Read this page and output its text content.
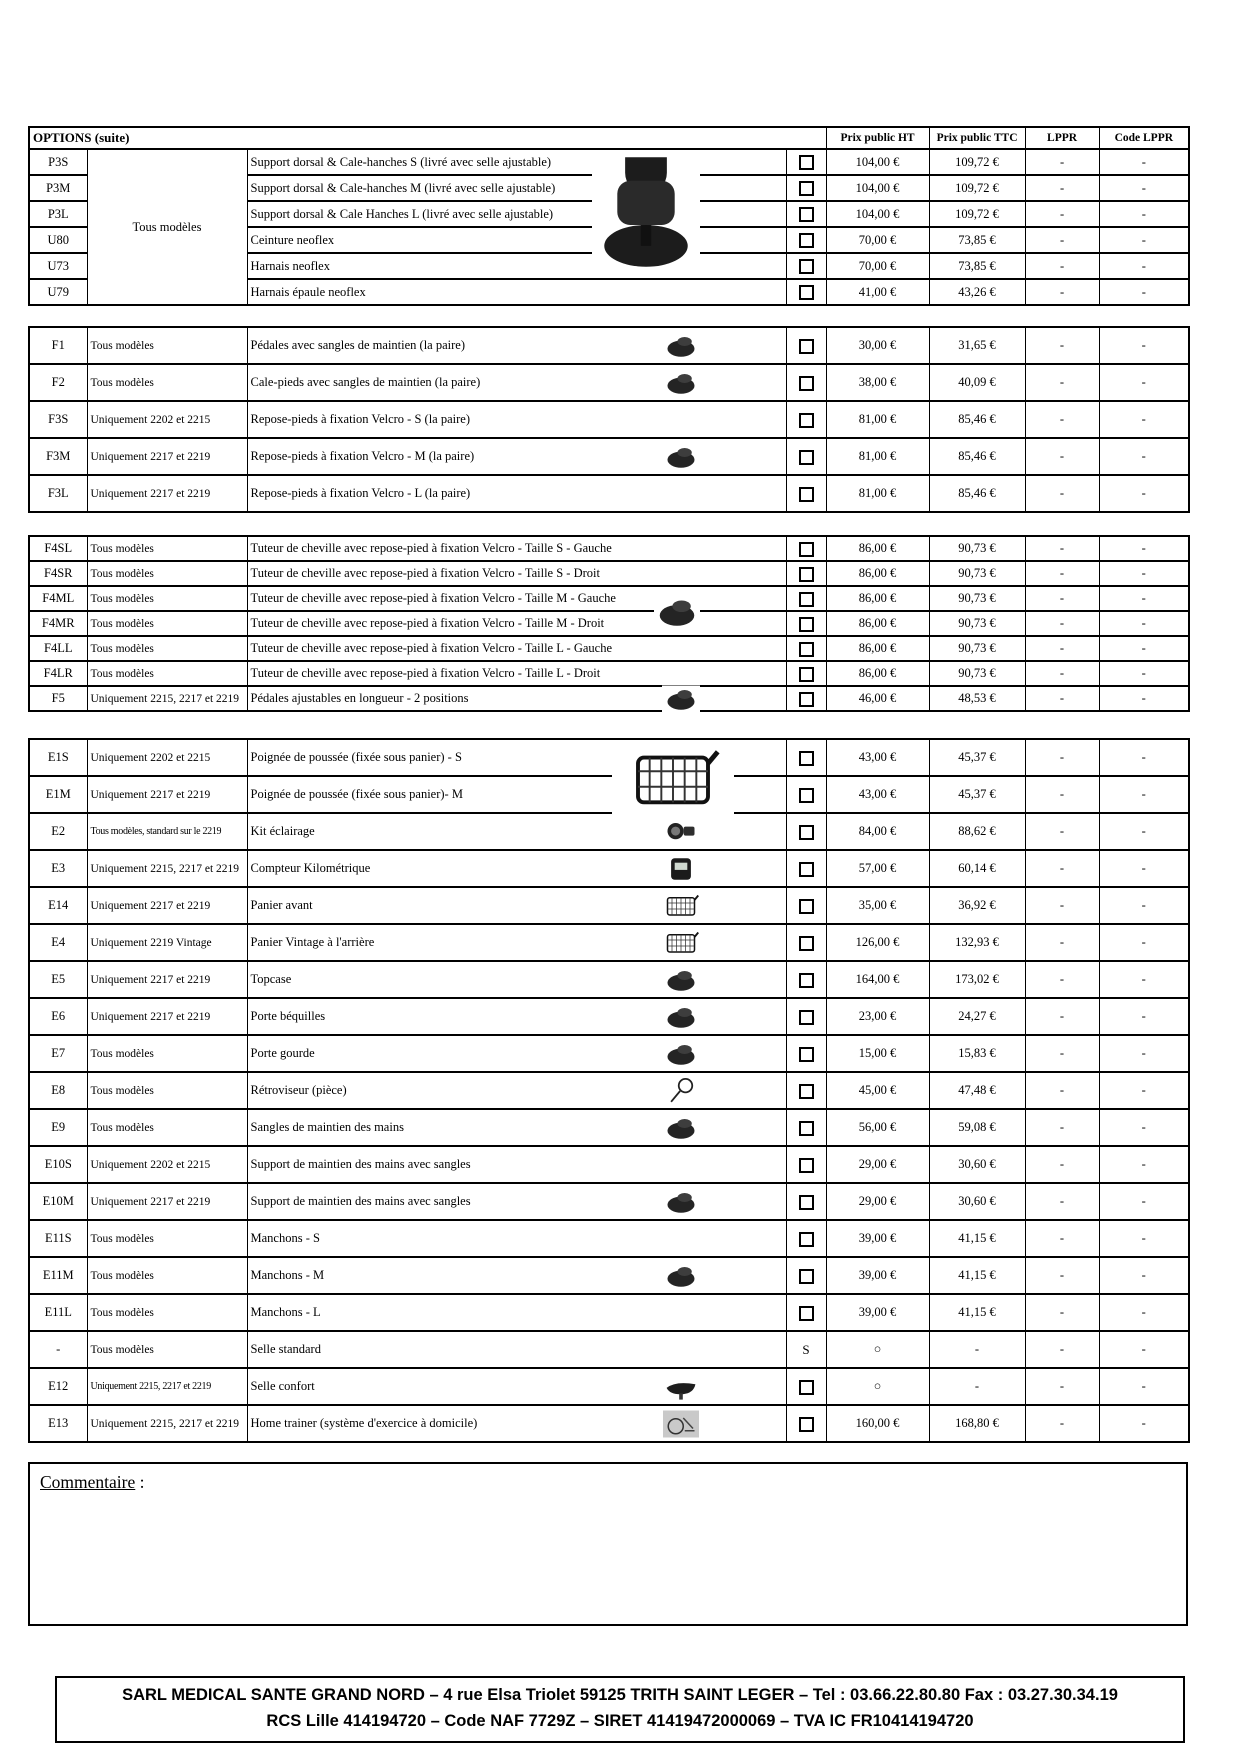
OPTIONS (suite)				Prix public HT	Prix public TTC	LPPR	Code LPPR
P3S	Tous modèles	Support dorsal & Cale-hanches S (livré avec selle ajustable)		104,00 €	109,72 €	-	-
P3M		Support dorsal & Cale-hanches M (livré avec selle ajustable)		104,00 €	109,72 €	-	-
P3L		Support dorsal & Cale Hanches L (livré avec selle ajustable)		104,00 €	109,72 €	-	-
U80		Ceinture neoflex		70,00 €	73,85 €	-	-
U73		Harnais neoflex		70,00 €	73,85 €	-	-
U79		Harnais épaule neoflex		41,00 €	43,26 €	-	-
F1	Tous modèles	Pédales avec sangles de maintien (la paire)		30,00 €	31,65 €	-	-
F2	Tous modèles	Cale-pieds avec sangles de maintien (la paire)		38,00 €	40,09 €	-	-
F3S	Uniquement 2202 et 2215	Repose-pieds à fixation Velcro - S (la paire)		81,00 €	85,46 €	-	-
F3M	Uniquement 2217 et 2219	Repose-pieds à fixation Velcro - M (la paire)		81,00 €	85,46 €	-	-
F3L	Uniquement 2217 et 2219	Repose-pieds à fixation Velcro - L (la paire)		81,00 €	85,46 €	-	-
F4SL	Tous modèles	Tuteur de cheville avec repose-pied à fixation Velcro - Taille S - Gauche		86,00 €	90,73 €	-	-
F4SR	Tous modèles	Tuteur de cheville avec repose-pied à fixation Velcro - Taille S - Droit		86,00 €	90,73 €	-	-
F4ML	Tous modèles	Tuteur de cheville avec repose-pied à fixation Velcro - Taille M - Gauche		86,00 €	90,73 €	-	-
F4MR	Tous modèles	Tuteur de cheville avec repose-pied à fixation Velcro - Taille M - Droit		86,00 €	90,73 €	-	-
F4LL	Tous modèles	Tuteur de cheville avec repose-pied à fixation Velcro - Taille L - Gauche		86,00 €	90,73 €	-	-
F4LR	Tous modèles	Tuteur de cheville avec repose-pied à fixation Velcro - Taille L - Droit		86,00 €	90,73 €	-	-
F5	Uniquement 2215, 2217 et 2219	Pédales ajustables en longueur - 2 positions		46,00 €	48,53 €	-	-
E1S	Uniquement 2202 et 2215	Poignée de poussée (fixée sous panier) - S		43,00 €	45,37 €	-	-
E1M	Uniquement 2217 et 2219	Poignée de poussée (fixée sous panier)- M		43,00 €	45,37 €	-	-
E2	Tous modèles, standard sur le 2219	Kit éclairage		84,00 €	88,62 €	-	-
E3	Uniquement 2215, 2217 et 2219	Compteur Kilométrique		57,00 €	60,14 €	-	-
E14	Uniquement 2217 et 2219	Panier avant		35,00 €	36,92 €	-	-
E4	Uniquement 2219 Vintage	Panier Vintage à l'arrière		126,00 €	132,93 €	-	-
E5	Uniquement 2217 et 2219	Topcase		164,00 €	173,02 €	-	-
E6	Uniquement 2217 et 2219	Porte béquilles		23,00 €	24,27 €	-	-
E7	Tous modèles	Porte gourde		15,00 €	15,83 €	-	-
E8	Tous modèles	Rétroviseur (pièce)		45,00 €	47,48 €	-	-
E9	Tous modèles	Sangles de maintien des mains		56,00 €	59,08 €	-	-
E10S	Uniquement 2202 et 2215	Support de maintien des mains avec sangles		29,00 €	30,60 €	-	-
E10M	Uniquement 2217 et 2219	Support de maintien des mains avec sangles		29,00 €	30,60 €	-	-
E11S	Tous modèles	Manchons - S		39,00 €	41,15 €	-	-
E11M	Tous modèles	Manchons - M		39,00 €	41,15 €	-	-
E11L	Tous modèles	Manchons - L		39,00 €	41,15 €	-	-
-	Tous modèles	Selle standard	S	○	-	-	-
E12	Uniquement 2215, 2217 et 2219	Selle confort		○	-	-	-
E13	Uniquement 2215, 2217 et 2219	Home trainer (système d'exercice à domicile)		160,00 €	168,80 €	-	-
Commentaire :
SARL MEDICAL SANTE GRAND NORD – 4 rue Elsa Triolet 59125 TRITH SAINT LEGER – Tel : 03.66.22.80.80 Fax : 03.27.30.34.19
RCS Lille 414194720 – Code NAF 7729Z – SIRET 41419472000069 – TVA IC FR10414194720
